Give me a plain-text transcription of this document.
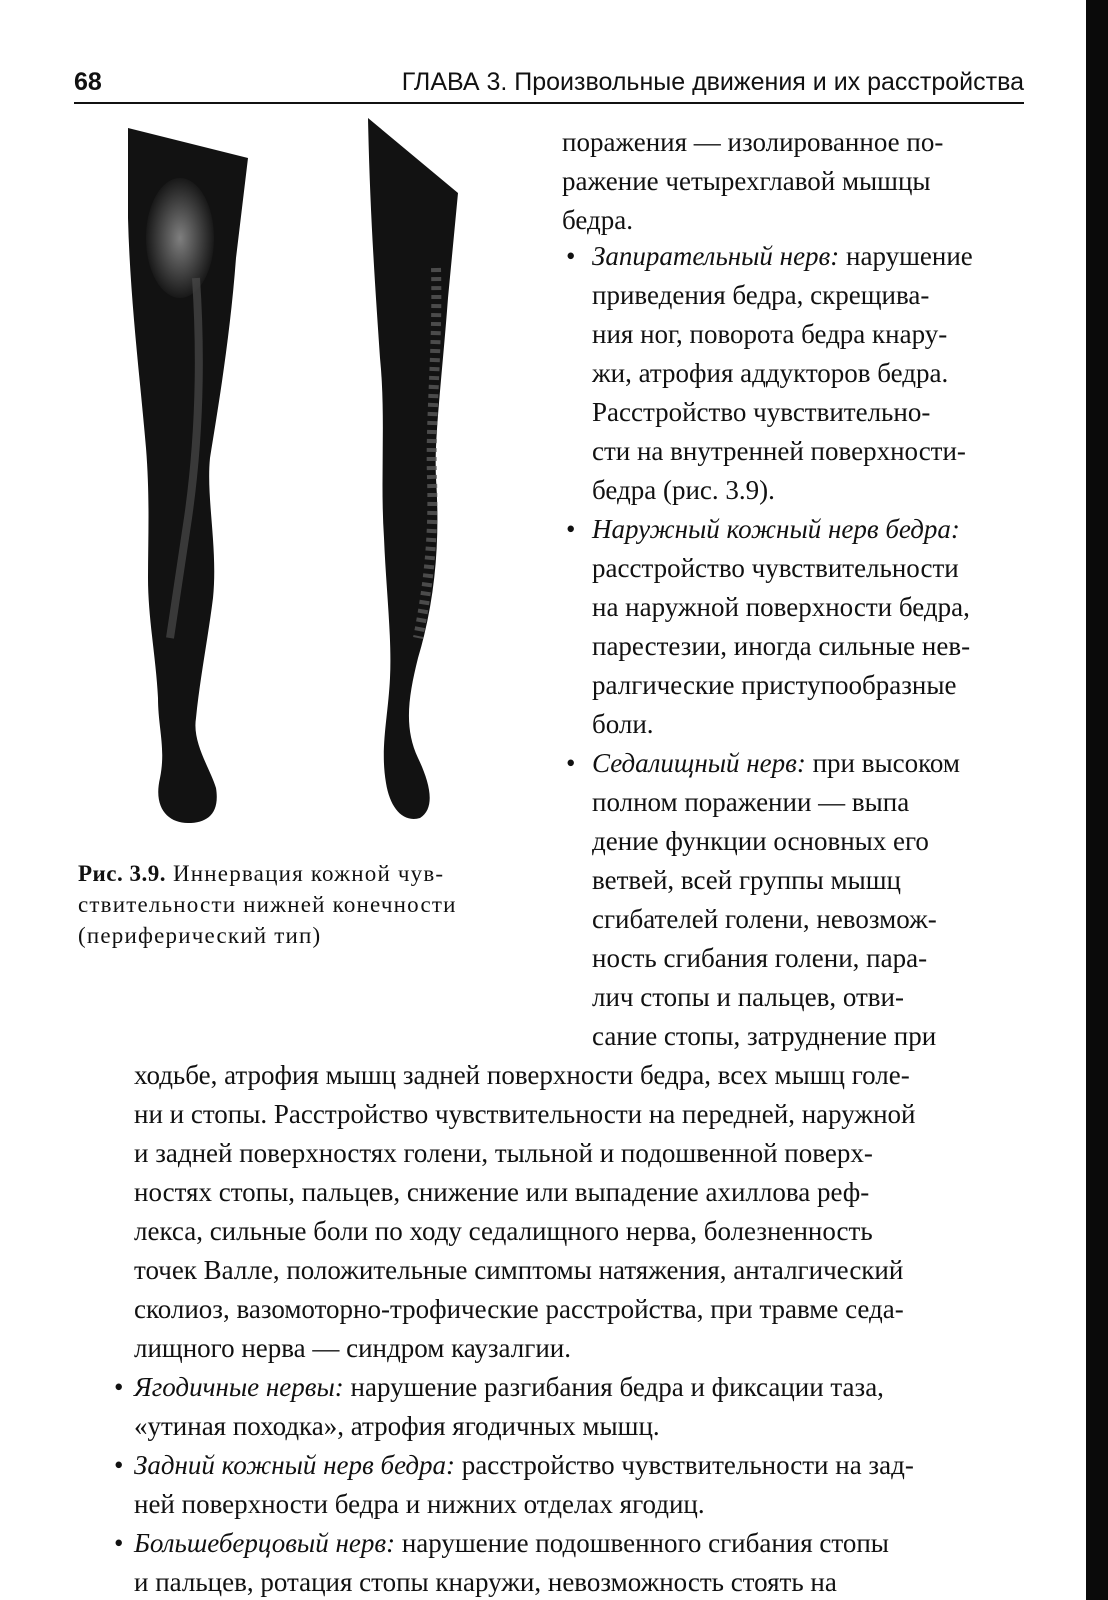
68	ГЛАВА 3. Произвольные движения и их расстройства
Рис. 3.9. Иннервация кожной чув-
ствительности нижней конечности
(периферический тип)
поражения — изолированное по-
ражение четырехглавой мышцы
бедра.
• Запирательный нерв: нарушение
приведения бедра, скрещива-
ния ног, поворота бедра кнару-
жи, атрофия аддукторов бедра.
Расстройство чувствительно-
сти на внутренней поверхности-
бедра (рис. 3.9).
• Наружный кожный нерв бедра:
расстройство чувствительности
на наружной поверхности бедра,
парестезии, иногда сильные нев-
ралгические приступообразные
боли.
• Седалищный нерв: при высоком
полном поражении — выпа
дение функции основных его
ветвей, всей группы мышц
сгибателей голени, невозмож-
ность сгибания голени, пара-
лич стопы и пальцев, отви-
сание стопы, затруднение при
ходьбе, атрофия мышц задней поверхности бедра, всех мышц голе-
ни и стопы. Расстройство чувствительности на передней, наружной
и задней поверхностях голени, тыльной и подошвенной поверх-
ностях стопы, пальцев, снижение или выпадение ахиллова реф-
лекса, сильные боли по ходу седалищного нерва, болезненность
точек Валле, положительные симптомы натяжения, анталгический
сколиоз, вазомоторно-трофические расстройства, при травме седа-
лищного нерва — синдром каузалгии.
• Ягодичные нервы: нарушение разгибания бедра и фиксации таза,
«утиная походка», атрофия ягодичных мышц.
• Задний кожный нерв бедра: расстройство чувствительности на зад-
ней поверхности бедра и нижних отделах ягодиц.
• Большеберцовый нерв: нарушение подошвенного сгибания стопы
и пальцев, ротация стопы кнаружи, невозможность стоять на
